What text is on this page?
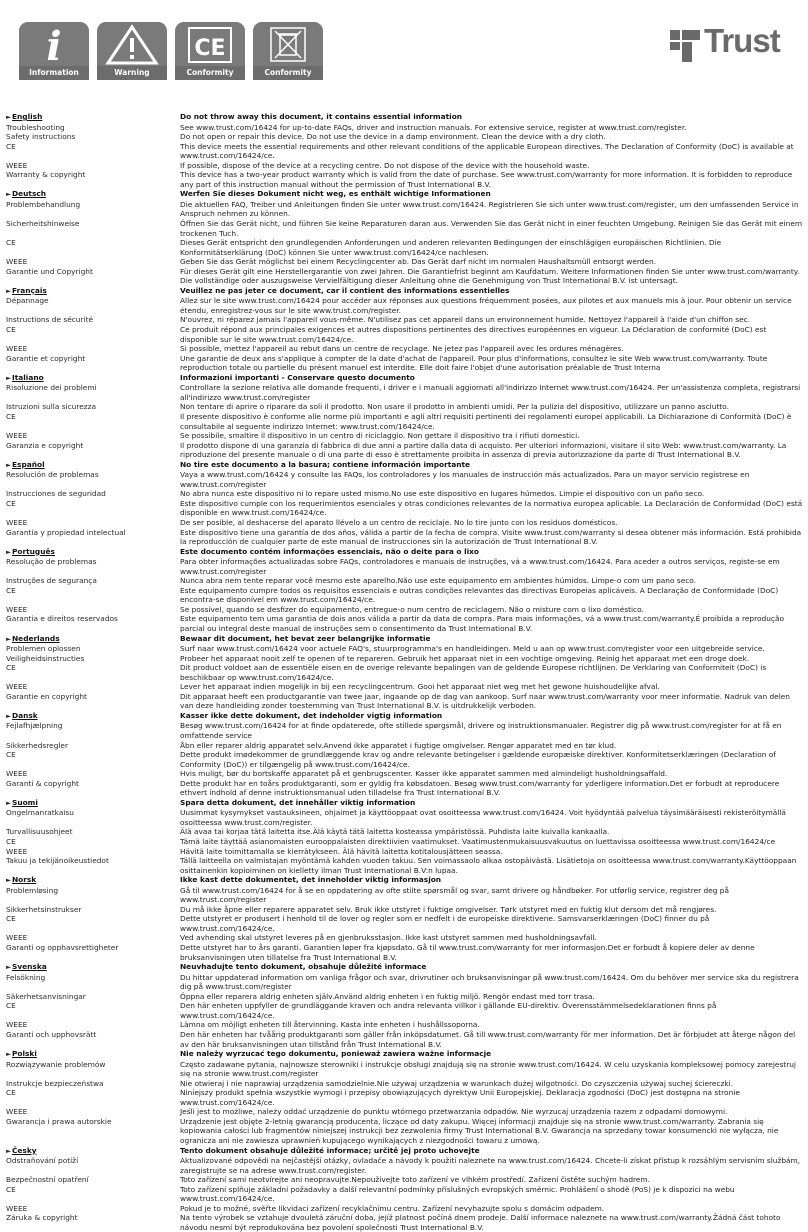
i
Information	Warning
CE
Conformity	Conformity
Trust
►English	Do not throw away this document, it contains essential information
Troubleshooting	See www.trust.com/16424 for up-to-date FAQs, driver and instruction manuals. For extensive service, register at www.trust.com/register.
Safety instructions	Do not open or repair this device. Do not use the device in a damp environment. Clean the device with a dry cloth.
CE	This device meets the essential requirements and other relevant conditions of the applicable European directives. The Declaration of Conformity (DoC) is available at www.trust.com/16424/ce.
WEEE	If possible, dispose of the device at a recycling centre. Do not dispose of the device with the household waste.
Warranty & copyright	This device has a two-year product warranty which is valid from the date of purchase. See www.trust.com/warranty for more information. It is forbidden to reproduce any part of this instruction manual without the permission of Trust International B.V.
►Deutsch	Werfen Sie dieses Dokument nicht weg, es enthält wichtige Informationen
Problembehandlung	Die aktuellen FAQ, Treiber und Anleitungen finden Sie unter www.trust.com/16424. Registrieren Sie sich unter www.trust.com/register, um den umfassenden Service in Anspruch nehmen zu können.
Sicherheitshinweise	Öffnen Sie das Gerät nicht, und führen Sie keine Reparaturen daran aus. Verwenden Sie das Gerät nicht in einer feuchten Umgebung. Reinigen Sie das Gerät mit einem trockenen Tuch.
CE	Dieses Gerät entspricht den grundlegenden Anforderungen und anderen relevanten Bedingungen der einschlägigen europäischen Richtlinien. Die Konformitätserklärung (DoC) können Sie unter www.trust.com/16424/ce nachlesen.
WEEE	Geben Sie das Gerät möglichst bei einem Recyclingcenter ab. Das Gerät darf nicht im normalen Haushaltsmüll entsorgt werden.
Garantie und Copyright	Für dieses Gerät gilt eine Herstellergarantie von zwei Jahren. Die Garantiefrist beginnt am Kaufdatum. Weitere Informationen finden Sie unter www.trust.com/warranty. Die vollständige oder auszugsweise Vervielfältigung dieser Anleitung ohne die Genehmigung von Trust International B.V. ist untersagt.
►Français	Veuillez ne pas jeter ce document, car il contient des informations essentielles
Dépannage	Allez sur le site www.trust.com/16424 pour accéder aux réponses aux questions fréquemment posées, aux pilotes et aux manuels mis à jour. Pour obtenir un service étendu, enregistrez-vous sur le site www.trust.com/register.
Instructions de sécurité	N'ouvrez, ni réparez jamais l'appareil vous-même. N'utilisez pas cet appareil dans un environnement humide. Nettoyez l'appareil à l'aide d'un chiffon sec.
CE	Ce produit répond aux principales exigences et autres dispositions pertinentes des directives européennes en vigueur. La Déclaration de conformité (DoC) est disponible sur le site www.trust.com/16424/ce.
WEEE	Si possible, mettez l'appareil au rebut dans un centre de recyclage. Ne jetez pas l'appareil avec les ordures ménagères.
Garantie et copyright	Une garantie de deux ans s'applique à compter de la date d'achat de l'appareil. Pour plus d'informations, consultez le site Web www.trust.com/warranty. Toute reproduction totale ou partielle du présent manuel est interdite. Elle doit faire l'objet d'une autorisation préalable de Trust Interna
►Italiano	Informazioni importanti - Conservare questo documento
Risoluzione dei problemi	Controllare la sezione relativa alle domande frequenti, i driver e i manuali aggiornati all'indirizzo Internet www.trust.com/16424. Per un'assistenza completa, registrarsi all'indirizzo www.trust.com/register
Istruzioni sulla sicurezza	Non tentare di aprire o riparare da soli il prodotto. Non usare il prodotto in ambienti umidi. Per la pulizia del dispositivo, utilizzare un panno asciutto.
CE	Il presente dispositivo è conforme alle norme più importanti e agli altri requisiti pertinenti dei regolamenti europei applicabili. La Dichiarazione di Conformità (DoC) è consultabile al seguente indirizzo Internet: www.trust.com/16424/ce.
WEEE	Se possibile, smaltire il dispositivo in un centro di riciclaggio. Non gettare il dispositivo tra i rifiuti domestici.
Garanzia e copyright	Il prodotto dispone di una garanzia di fabbrica di due anni a partire dalla data di acquisto. Per ulteriori informazioni, visitare il sito Web: www.trust.com/warranty. La riproduzione del presente manuale o di una parte di esso è strettamente proibita in assenza di previa autorizzazione da parte di Trust International B.V.
►Español	No tire este documento a la basura; contiene información importante
Resolución de problemas	Vaya a www.trust.com/16424 y consulte las FAQs, los controladores y los manuales de instrucción más actualizados. Para un mayor servicio regístrese en www.trust.com/register
Instrucciones de seguridad	No abra nunca este dispositivo ni lo repare usted mismo.No use este dispositivo en lugares húmedos. Limpie el dispositivo con un paño seco.
CE	Este dispositivo cumple con los requerimientos esenciales y otras condiciones relevantes de la normativa europea aplicable. La Declaración de Conformidad (DoC) está disponible en www.trust.com/16424/ce.
WEEE	De ser posible, al deshacerse del aparato llévelo a un centro de reciclaje. No lo tire junto con los residuos domésticos.
Garantía y propiedad intelectual	Este dispositivo tiene una garantía de dos años, válida a partir de la fecha de compra. Visite www.trust.com/warranty si desea obtener más información. Está prohibida la reproducción de cualquier parte de este manual de instrucciones sin la autorización de Trust International B.V.
►Português	Este documento contém informações essenciais, não o deite para o lixo
Resolução de problemas	Para obter informações actualizadas sobre FAQs, controladores e manuais de instruções, vá a www.trust.com/16424. Para aceder a outros serviços, registe-se em www.trust.com/register
Instruções de segurança	Nunca abra nem tente reparar você mesmo este aparelho.Não use este equipamento em ambientes húmidos. Limpe-o com um pano seco.
CE	Este equipamento cumpre todos os requisitos essenciais e outras condições relevantes das directivas Europeias aplicáveis. A Declaração de Conformidade (DoC) encontra-se disponível em www.trust.com/16424/ce.
WEEE	Se possível, quando se desfizer do equipamento, entregue-o num centro de reciclagem. Não o misture com o lixo doméstico.
Garantia e direitos reservados	Este equipamento tem uma garantia de dois anos válida a partir da data de compra. Para mais informações, vá a www.trust.com/warranty.É proibida a reprodução parcial ou integral deste manual de instruções sem o consentimento da Trust International B.V.
►Nederlands	Bewaar dit document, het bevat zeer belangrijke informatie
Problemen oplossen	Surf naar www.trust.com/16424 voor actuele FAQ's, stuurprogramma's en handleidingen. Meld u aan op www.trust.com/register voor een uitgebreide service.
Veiligheidsinstructies	Probeer het apparaat nooit zelf te openen of te repareren. Gebruik het apparaat niet in een vochtige omgeving. Reinig het apparaat met een droge doek.
CE	Dit product voldoet aan de essentiële eisen en de overige relevante bepalingen van de geldende Europese richtlijnen. De Verklaring van Conformiteit (DoC) is beschikbaar op www.trust.com/16424/ce.
WEEE	Lever het apparaat indien mogelijk in bij een recyclingcentrum. Gooi het apparaat niet weg met het gewone huishoudelijke afval.
Garantie en copyright	Dit apparaat heeft een productgarantie van twee jaar, ingaande op de dag van aankoop. Surf naar www.trust.com/warranty voor meer informatie. Nadruk van delen van deze handleiding zonder toestemming van Trust International B.V. is uitdrukkelijk verboden.
►Dansk	Kasser ikke dette dokument, det indeholder vigtig information
Fejlafhjælpning	Besøg www.trust.com/16424 for at finde opdaterede, ofte stillede spørgsmål, drivere og instruktionsmanualer. Registrer dig på www.trust.com/register for at få en omfattende service
Sikkerhedsregler	Åbn eller reparer aldrig apparatet selv.Anvend ikke apparatet i fugtige omgivelser. Rengør apparatet med en tør klud.
CE	Dette produkt imødekommer de grundlæggende krav og andre relevante betingelser i gældende europæiske direktiver. Konformitetserklæringen (Declaration of Conformity (DoC)) er tilgængelig på www.trust.com/16424/ce.
WEEE	Hvis muligt, bør du bortskaffe apparatet på et genbrugscenter. Kasser ikke apparatet sammen med almindeligt husholdningsaffald.
Garanti & copyright	Dette produkt har en toårs produktgaranti, som er gyldig fra købsdatoen. Besøg www.trust.com/warranty for yderligere information.Det er forbudt at reproducere ethvert indhold af denne instruktionsmanual uden tilladelse fra Trust International B.V.
►Suomi	Spara detta dokument, det innehåller viktig information
Ongelmanratkaisu	Uusimmat kysymykset vastauksineen, ohjaimet ja käyttöoppaat ovat osoitteessa www.trust.com/16424. Voit hyödyntää palvelua täysimääräisesti rekisteröitymällä osoitteessa www.trust.com/register.
Turvallisuusohjeet	Älä avaa tai korjaa tätä laitetta itse.Älä käytä tätä laitetta kosteassa ympäristössä. Puhdista laite kuivalla kankaalla.
CE	Tämä laite täyttää asianomaisten eurooppalaisten direktiivien vaatimukset. Vaatimustenmukaisuusvakuutus on luettavissa osoitteessa www.trust.com/16424/ce
WEEE	Hävitä laite toimittamalla se kierrätykseen. Älä hävitä laitetta kotitalousjätteen seassa.
Takuu ja tekijänoikeustiedot	Tällä laitteella on valmistajan myöntämä kahden vuoden takuu. Sen voimassaolo alkaa ostopäivästä. Lisätietoja on osoitteessa www.trust.com/warranty.Käyttöoppaan osittainenkin kopioiminen on kielletty ilman Trust International B.V:n lupaa.
►Norsk	Ikke kast dette dokumentet, det inneholder viktig informasjon
Problemløsing	Gå til www.trust.com/16424 for å se en oppdatering av ofte stilte spørsmål og svar, samt drivere og håndbøker. For utførlig service, registrer deg på www.trust.com/register
Sikkerhetsinstrukser	Du må ikke åpne eller reparere apparatet selv. Bruk ikke utstyret i fuktige omgivelser. Tørk utstyret med en fuktig klut dersom det må rengjøres.
CE	Dette utstyret er produsert i henhold til de lover og regler som er nedfelt i de europeiske direktivene. Samsvarserklæringen (DoC) finner du på www.trust.com/16424/ce.
WEEE	Ved avhending skal utstyret leveres på en gjenbruksstasjon. Ikke kast utstyret sammen med husholdningsavfall.
Garanti og opphavsrettigheter	Dette utstyret har to års garanti. Garantien løper fra kjøpsdato. Gå til www.trust.com/warranty for mer informasjon.Det er forbudt å kopiere deler av denne bruksanvisningen uten tillatelse fra Trust International B.V.
►Svenska	Neuvhadujte tento dokument, obsahuje důležité informace
Felsökning	Du hittar uppdaterad information om vanliga frågor och svar, drivrutiner och bruksanvisningar på www.trust.com/16424. Om du behöver mer service ska du registrera dig på www.trust.com/register
Säkerhetsanvisningar	Öppna eller reparera aldrig enheten själv.Använd aldrig enheten i en fuktig miljö. Rengör endast med torr trasa.
CE	Den här enheten uppfyller de grundläggande kraven och andra relevanta villkor i gällande EU-direktiv. Överensstämmelsedeklarationen finns på www.trust.com/16424/ce.
WEEE	Lämna om möjligt enheten till återvinning. Kasta inte enheten i hushållssoporna.
Garanti och upphovsrätt	Den här enheten har tvåårig produktgaranti som gäller från inköpsdatumet. Gå till www.trust.com/warranty för mer information. Det är förbjudet att återge någon del av den här bruksanvisningen utan tillstånd från Trust International B.V.
►Polski	Nie należy wyrzucać tego dokumentu, ponieważ zawiera ważne informacje
Rozwiązywanie problemów	Często zadawane pytania, najnowsze sterowniki i instrukcje obsługi znajdują się na stronie www.trust.com/16424. W celu uzyskania kompleksowej pomocy zarejestruj się na stronie www.trust.com/register
Instrukcje bezpieczeństwa	Nie otwieraj i nie naprawiaj urządzenia samodzielnie.Nie używaj urządzenia w warunkach dużej wilgotności. Do czyszczenia używaj suchej ściereczki.
CE	Niniejszy produkt spełnia wszystkie wymogi i przepisy obowiązujących dyrektyw Unii Europejskiej. Deklaracja zgodności (DoC) jest dostępna na stronie www.trust.com/16424/ce.
WEEE	Jeśli jest to możliwe, należy oddać urządzenie do punktu wtórnego przetwarzania odpadów. Nie wyrzucaj urządzenia razem z odpadami domowymi.
Gwarancja i prawa autorskie	Urządzenie jest objęte 2-letnią gwarancją producenta, liczące od daty zakupu. Więcej informacji znajduje się na stronie www.trust.com/warranty. Zabrania się kopiowania całości lub fragmentów niniejszej instrukcji bez zezwolenia firmy Trust International B.V. Gwarancja na sprzedany towar konsumencki nie wyłącza, nie ogranicza ani nie zawiesza uprawnień kupującego wynikających z niezgodności towaru z umową.
►Česky	Tento dokument obsahuje důležité informace; určitě jej proto uchovejte
Odstraňování potíží	Aktualizované odpovědi na nejčastější otázky, ovladače a návody k použití naleznete na www.trust.com/16424. Chcete-li získat přístup k rozsáhlým servisním službám, zaregistrujte se na adrese www.trust.com/register.
Bezpečnostní opatření	Toto zařízení sami neotvírejte ani neopravujte.Nepoužívejte toto zařízení ve vlhkém prostředí. Zařízení čistěte suchým hadrem.
CE	Toto zařízení splňuje základní požadavky a další relevantní podmínky příslušných evropských směrnic. Prohlášení o shodě (PoS) je k dispozici na webu www.trust.com/16424/ce.
WEEE	Pokud je to možné, svěřte likvidaci zařízení recyklačnímu centru. Zařízení nevyhazujte spolu s domácím odpadem.
Záruka & copyright	Na tento výrobek se vztahuje dvouletá záruční doba, jejíž platnost počíná dnem prodeje. Další informace naleznete na www.trust.com/warranty.Žádná část tohoto návodu nesmí být reprodukována bez povolení společnosti Trust International B.V.
